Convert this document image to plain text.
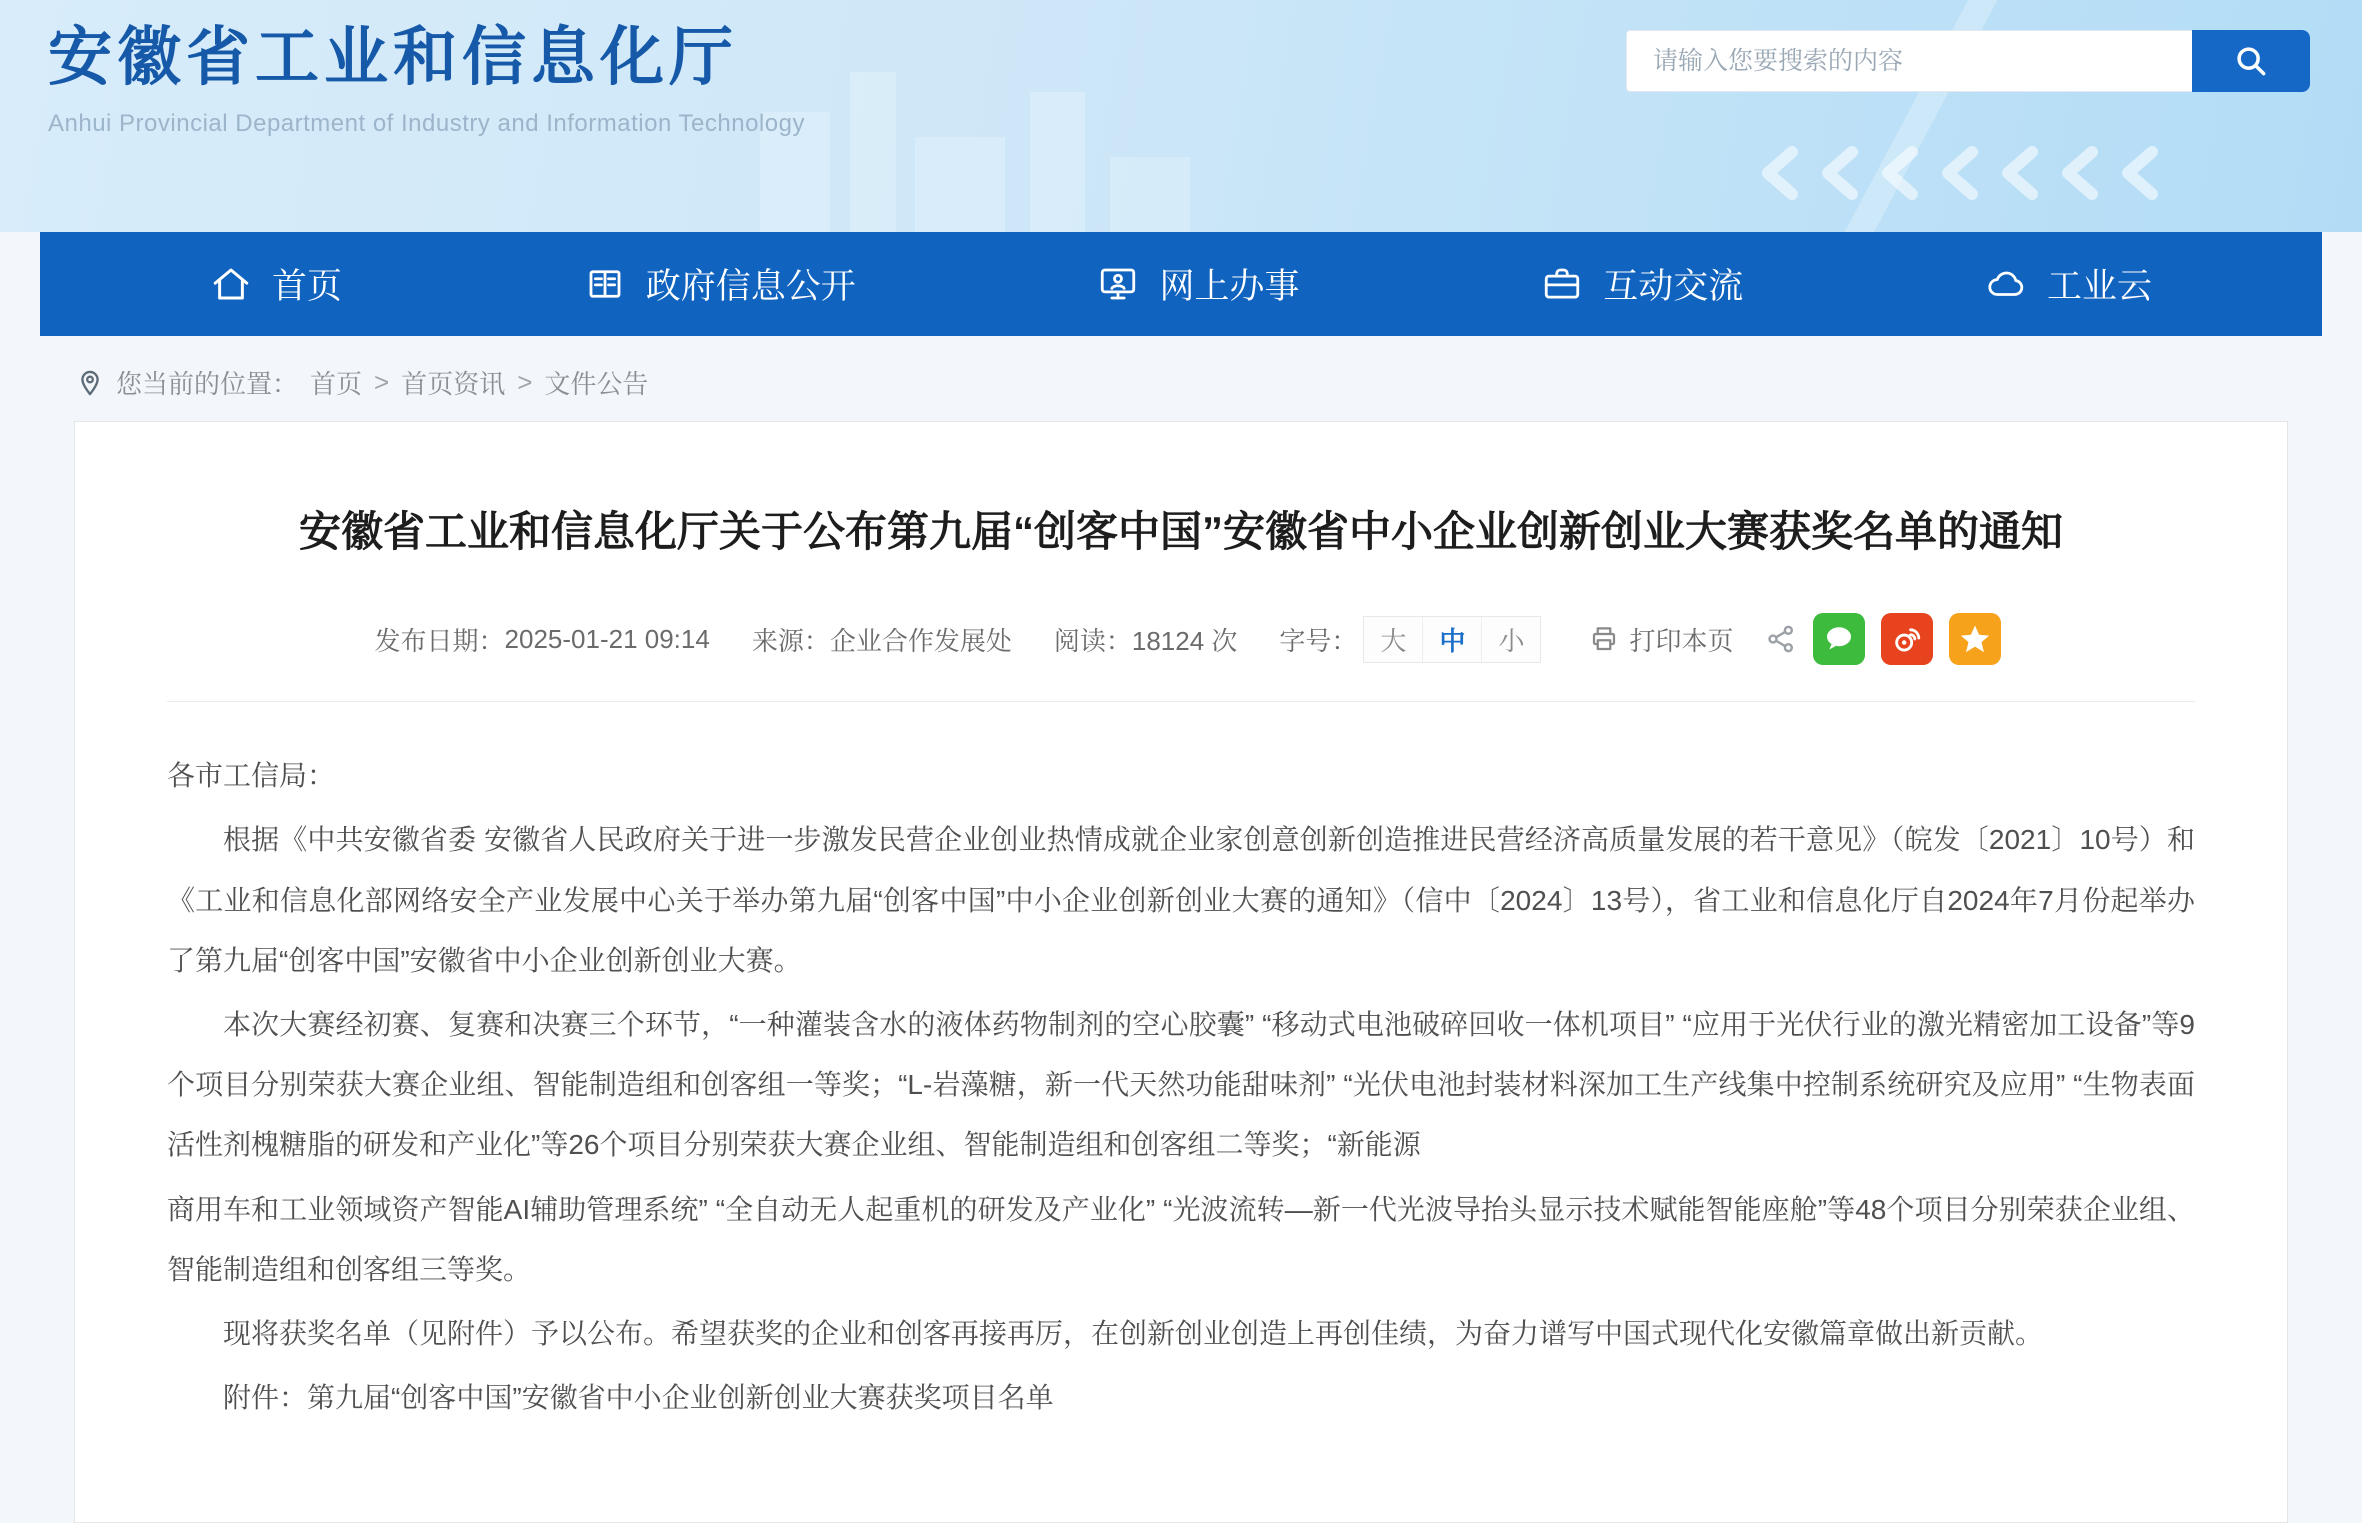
安徽省工业和信息化厅
Anhui Provincial Department of Industry and Information Technology
请输入您要搜索的内容
首页	政府信息公开	网上办事	互动交流	工业云
您当前的位置： 首页 > 首页资讯 > 文件公告
安徽省工业和信息化厅关于公布第九届“创客中国”安徽省中小企业创新创业大赛获奖名单的通知
发布日期： 2025-01-21 09:14 来源： 企业合作发展处 阅读： 18124 次 字号： 大	中	小	打印本页

各市工信局：

根据《中共安徽省委 安徽省人民政府关于进一步激发民营企业创业热情成就企业家创意创新创造推进民营经济高质量发展的若干意见》（皖发〔2021〕10号）和《工业和信息化部网络安全产业发展中心关于举办第九届“创客中国”中小企业创新创业大赛的通知》（信中〔2024〕13号），省工业和信息化厅自2024年7月份起举办了第九届“创客中国”安徽省中小企业创新创业大赛。

本次大赛经初赛、复赛和决赛三个环节，“一种灌装含水的液体药物制剂的空心胶囊” “移动式电池破碎回收一体机项目” “应用于光伏行业的激光精密加工设备”等9个项目分别荣获大赛企业组、智能制造组和创客组一等奖；“L-岩藻糖，新一代天然功能甜味剂” “光伏电池封装材料深加工生产线集中控制系统研究及应用” “生物表面活性剂槐糖脂的研发和产业化”等26个项目分别荣获大赛企业组、智能制造组和创客组二等奖；“新能源

商用车和工业领域资产智能AI辅助管理系统” “全自动无人起重机的研发及产业化” “光波流转—新一代光波导抬头显示技术赋能智能座舱”等48个项目分别荣获企业组、智能制造组和创客组三等奖。

现将获奖名单（见附件）予以公布。希望获奖的企业和创客再接再厉，在创新创业创造上再创佳绩，为奋力谱写中国式现代化安徽篇章做出新贡献。

附件：第九届“创客中国”安徽省中小企业创新创业大赛获奖项目名单
